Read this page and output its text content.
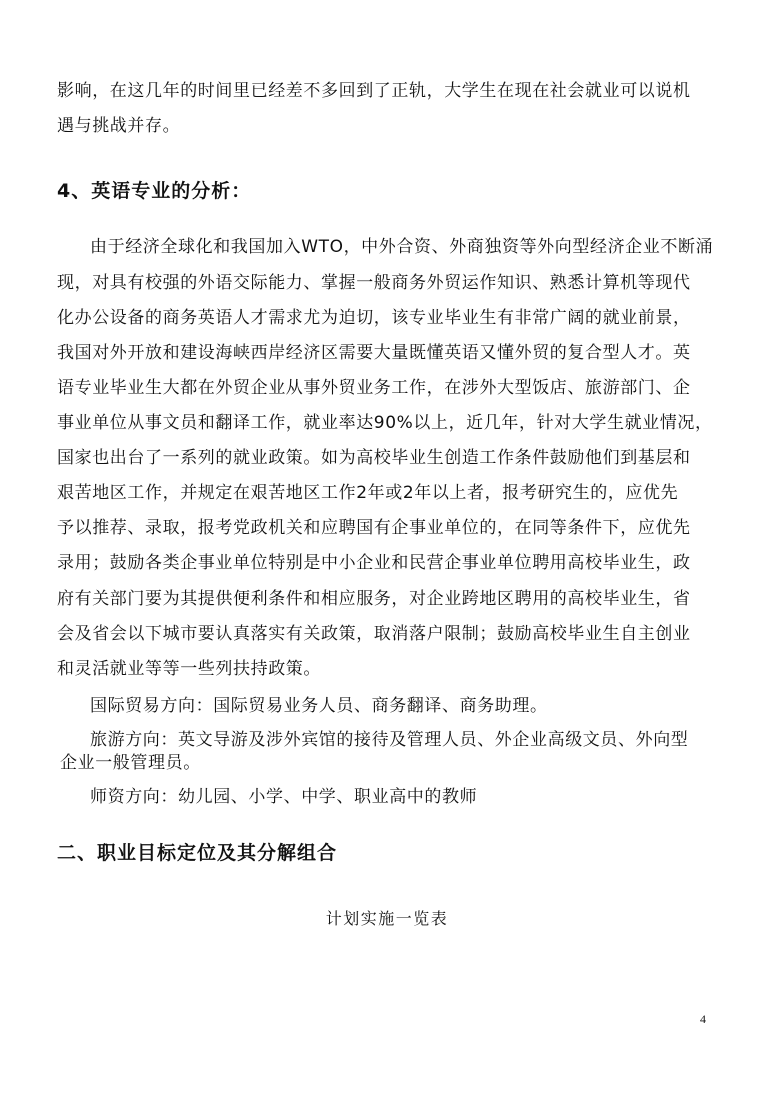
影响，在这几年的时间里已经差不多回到了正轨，大学生在现在社会就业可以说机
遇与挑战并存。
4、英语专业的分析：
由于经济全球化和我国加入WTO，中外合资、外商独资等外向型经济企业不断涌
现，对具有校强的外语交际能力、掌握一般商务外贸运作知识、熟悉计算机等现代
化办公设备的商务英语人才需求尤为迫切，该专业毕业生有非常广阔的就业前景，
我国对外开放和建设海峡西岸经济区需要大量既懂英语又懂外贸的复合型人才。英
语专业毕业生大都在外贸企业从事外贸业务工作，在涉外大型饭店、旅游部门、企
事业单位从事文员和翻译工作，就业率达90%以上，近几年，针对大学生就业情况，
国家也出台了一系列的就业政策。如为高校毕业生创造工作条件鼓励他们到基层和
艰苦地区工作，并规定在艰苦地区工作2年或2年以上者，报考研究生的，应优先
予以推荐、录取，报考党政机关和应聘国有企事业单位的，在同等条件下，应优先
录用；鼓励各类企事业单位特别是中小企业和民营企事业单位聘用高校毕业生，政
府有关部门要为其提供便利条件和相应服务，对企业跨地区聘用的高校毕业生，省
会及省会以下城市要认真落实有关政策，取消落户限制；鼓励高校毕业生自主创业
和灵活就业等等一些列扶持政策。
国际贸易方向：国际贸易业务人员、商务翻译、商务助理。
旅游方向：英文导游及涉外宾馆的接待及管理人员、外企业高级文员、外向型
企业一般管理员。
师资方向：幼儿园、小学、中学、职业高中的教师
二、职业目标定位及其分解组合
计划实施一览表
4
